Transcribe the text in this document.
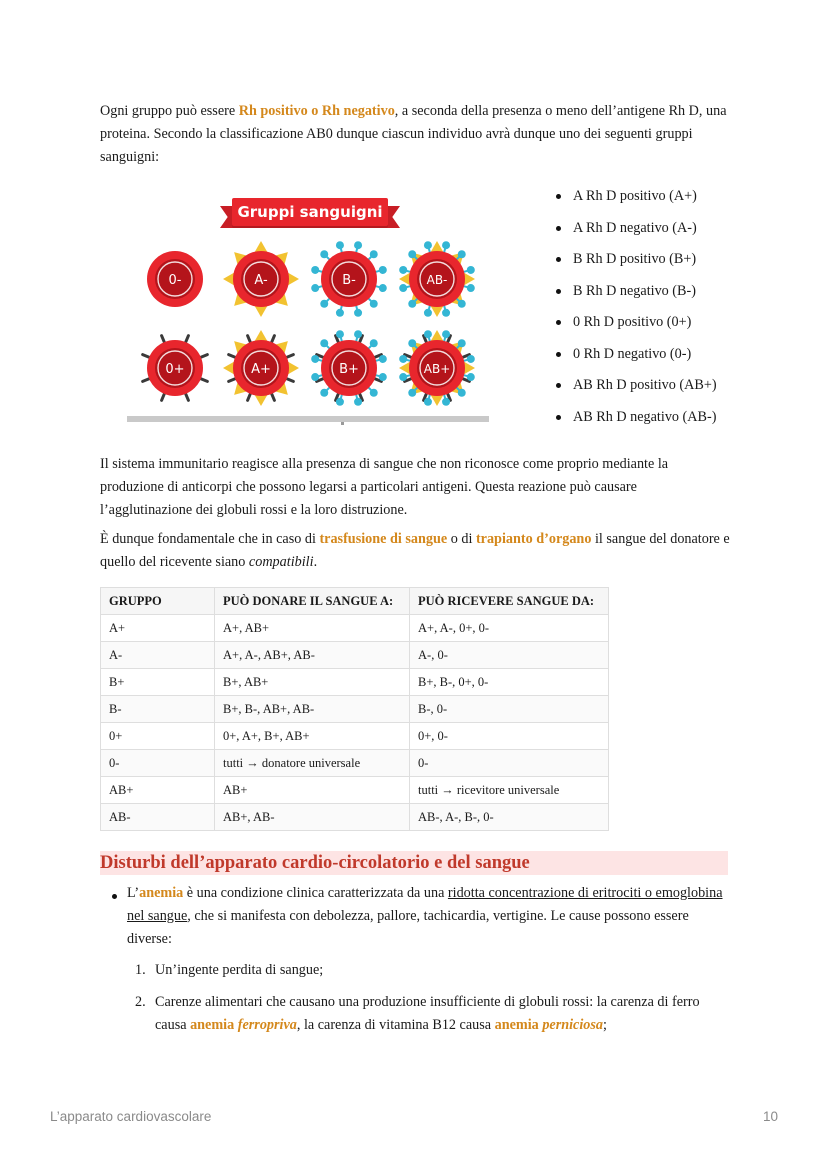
Ogni gruppo può essere Rh positivo o Rh negativo, a seconda della presenza o meno dell’antigene Rh D, una proteina. Secondo la classificazione AB0 dunque ciascun individuo avrà dunque uno dei seguenti gruppi sanguigni:

0-	A-	B-	AB-
0+	A+	B+	AB+
Gruppi sanguigni
A Rh D positivo (A+)
A Rh D negativo (A-)
B Rh D positivo (B+)
B Rh D negativo (B-)
0 Rh D positivo (0+)
0 Rh D negativo (0-)
AB Rh D positivo (AB+)
AB Rh D negativo (AB-)

Il sistema immunitario reagisce alla presenza di sangue che non riconosce come proprio mediante la produzione di anticorpi che possono legarsi a particolari antigeni. Questa reazione può causare l’agglutinazione dei globuli rossi e la loro distruzione.

È dunque fondamentale che in caso di trasfusione di sangue o di trapianto d’organo il sangue del donatore e quello del ricevente siano compatibili.

GRUPPO	PUÒ DONARE IL SANGUE A:	PUÒ RICEVERE SANGUE DA:
A+	A+, AB+	A+, A-, 0+, 0-
A-	A+, A-, AB+, AB-	A-, 0-
B+	B+, AB+	B+, B-, 0+, 0-
B-	B+, B-, AB+, AB-	B-, 0-
0+	0+, A+, B+, AB+	0+, 0-
0-	tutti → donatore universale	0-
AB+	AB+	tutti → ricevitore universale
AB-	AB+, AB-	AB-, A-, B-, 0-
Disturbi dell’apparato cardio-circolatorio e del sangue

L’anemia è una condizione clinica caratterizzata da una ridotta concentrazione di eritrociti o emoglobina nel sangue, che si manifesta con debolezza, pallore, tachicardia, vertigine. Le cause possono essere diverse:

1. Un’ingente perdita di sangue;

2. Carenze alimentari che causano una produzione insufficiente di globuli rossi: la carenza di ferro causa anemia ferropriva, la carenza di vitamina B12 causa anemia perniciosa;

L’apparato cardiovascolare	10
